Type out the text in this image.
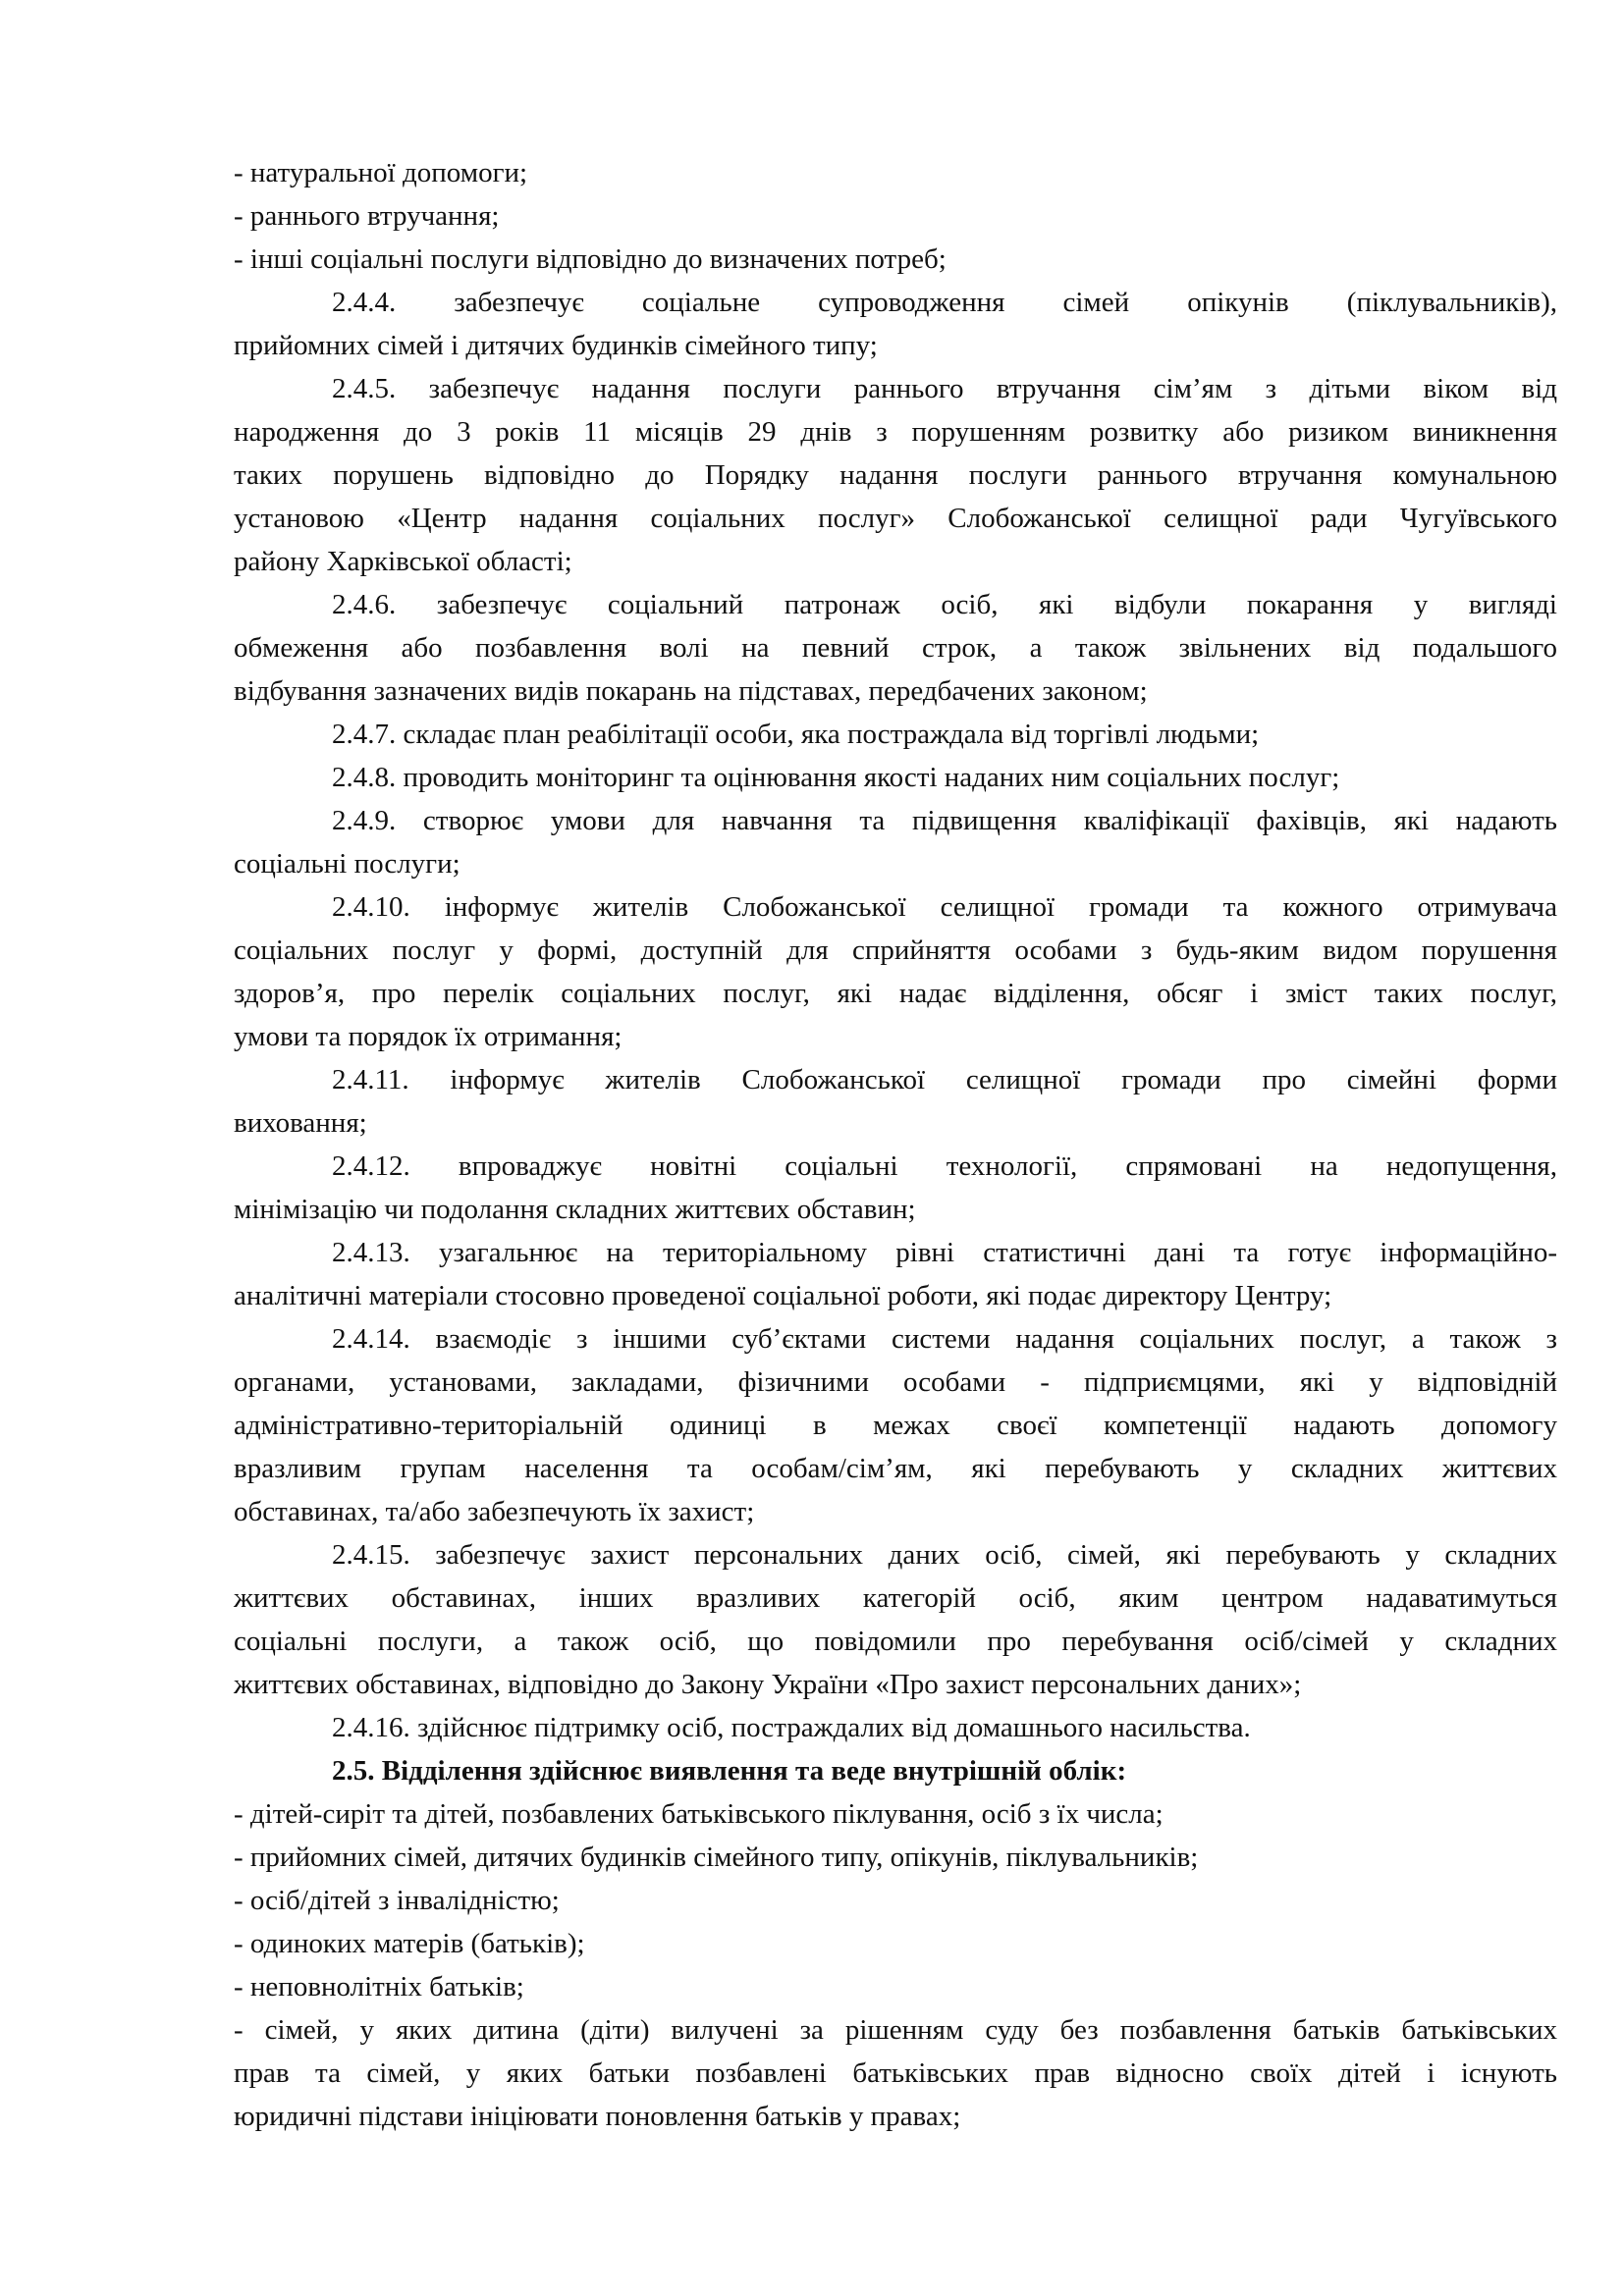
- натуральної допомоги;
- раннього втручання;
- інші соціальні послуги відповідно до визначених потреб;
2.4.4. забезпечує соціальне супроводження сімей опікунів (піклувальників),
прийомних сімей і дитячих будинків сімейного типу;
2.4.5. забезпечує надання послуги раннього втручання сім’ям з дітьми віком від
народження до 3 років 11 місяців 29 днів з порушенням розвитку або ризиком виникнення
таких порушень відповідно до Порядку надання послуги раннього втручання комунальною
установою «Центр надання соціальних послуг» Слобожанської селищної ради Чугуївського
району Харківської області;
2.4.6. забезпечує соціальний патронаж осіб, які відбули покарання у вигляді
обмеження або позбавлення волі на певний строк, а також звільнених від подальшого
відбування зазначених видів покарань на підставах, передбачених законом;
2.4.7. складає план реабілітації особи, яка постраждала від торгівлі людьми;
2.4.8. проводить моніторинг та оцінювання якості наданих ним соціальних послуг;
2.4.9. створює умови для навчання та підвищення кваліфікації фахівців, які надають
соціальні послуги;
2.4.10. інформує жителів Слобожанської селищної громади та кожного отримувача
соціальних послуг у формі, доступній для сприйняття особами з будь-яким видом порушення
здоров’я, про перелік соціальних послуг, які надає відділення, обсяг і зміст таких послуг,
умови та порядок їх отримання;
2.4.11. інформує жителів Слобожанської селищної громади про сімейні форми
виховання;
2.4.12. впроваджує новітні соціальні технології, спрямовані на недопущення,
мінімізацію чи подолання складних життєвих обставин;
2.4.13. узагальнює на територіальному рівні статистичні дані та готує інформаційно-
аналітичні матеріали стосовно проведеної соціальної роботи, які подає директору Центру;
2.4.14. взаємодіє з іншими суб’єктами системи надання соціальних послуг, а також з
органами, установами, закладами, фізичними особами - підприємцями, які у відповідній
адміністративно-територіальній одиниці в межах своєї компетенції надають допомогу
вразливим групам населення та особам/сім’ям, які перебувають у складних життєвих
обставинах, та/або забезпечують їх захист;
2.4.15. забезпечує захист персональних даних осіб, сімей, які перебувають у складних
життєвих обставинах, інших вразливих категорій осіб, яким центром надаватимуться
соціальні послуги, а також осіб, що повідомили про перебування осіб/сімей у складних
життєвих обставинах, відповідно до Закону України «Про захист персональних даних»;
2.4.16. здійснює підтримку осіб, постраждалих від домашнього насильства.
2.5. Відділення здійснює виявлення та веде внутрішній облік:
- дітей-сиріт та дітей, позбавлених батьківського піклування, осіб з їх числа;
- прийомних сімей, дитячих будинків сімейного типу, опікунів, піклувальників;
- осіб/дітей з інвалідністю;
- одиноких матерів (батьків);
- неповнолітніх батьків;
- сімей, у яких дитина (діти) вилучені за рішенням суду без позбавлення батьків батьківських
прав та сімей, у яких батьки позбавлені батьківських прав відносно своїх дітей і існують
юридичні підстави ініціювати поновлення батьків у правах;
